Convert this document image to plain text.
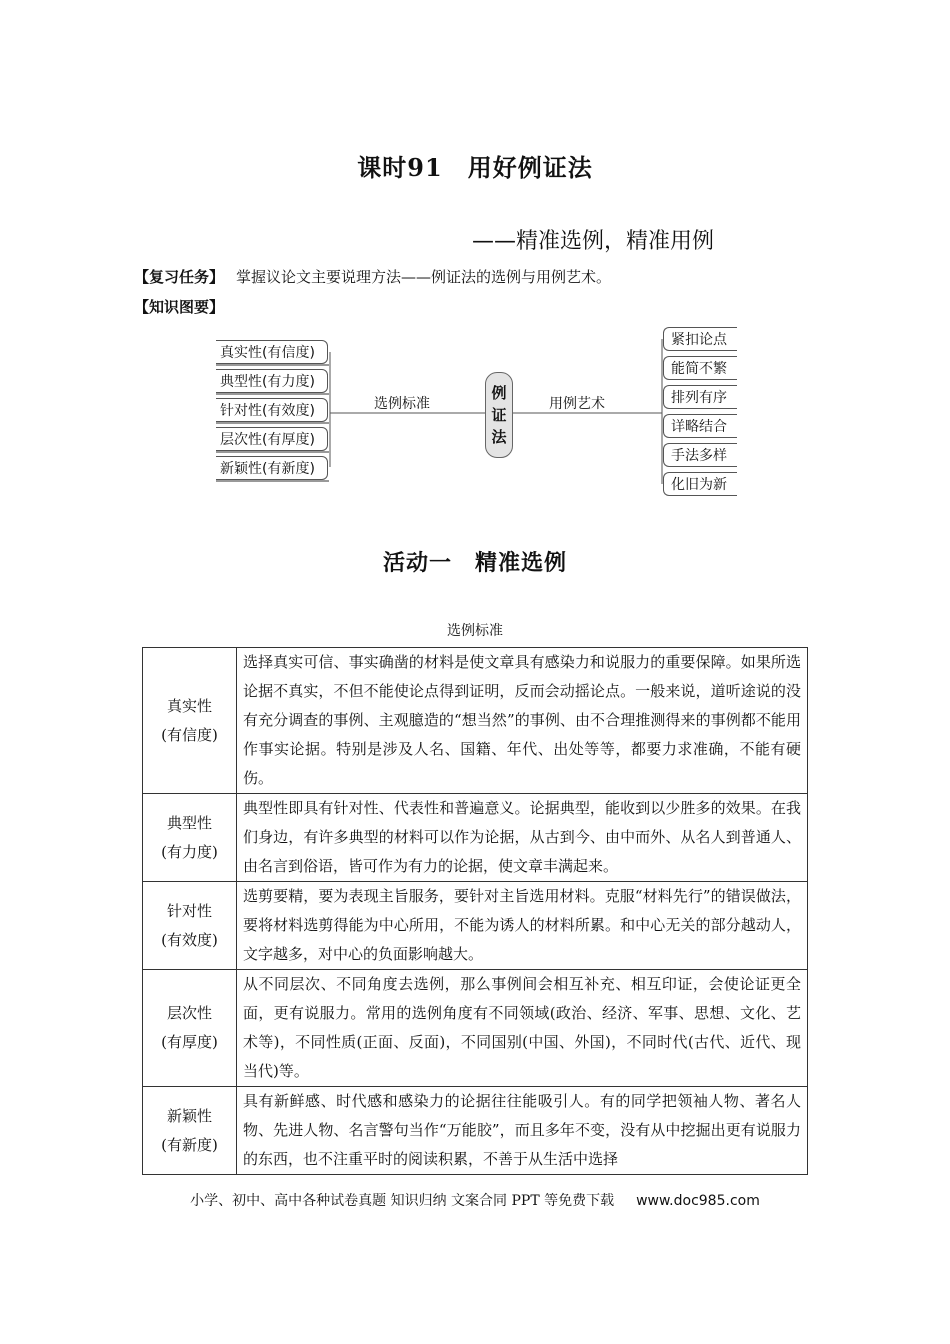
课时91　用好例证法
——精准选例，精准用例
【复习任务】 掌握议论文主要说理方法——例证法的选例与用例艺术。
【知识图要】
真实性(有信度)
典型性(有力度)
针对性(有效度)
层次性(有厚度)
新颖性(有新度)
选例标准
例
证
法
用例艺术
紧扣论点
能简不繁
排列有序
详略结合
手法多样
化旧为新
活动一　精准选例
选例标准
真实性
(有信度)	选择真实可信、事实确凿的材料是使文章具有感染力和说服力的重要保障。如果所选论据不真实，不但不能使论点得到证明，反而会动摇论点。一般来说，道听途说的没有充分调查的事例、主观臆造的“想当然”的事例、由不合理推测得来的事例都不能用作事实论据。特别是涉及人名、国籍、年代、出处等等，都要力求准确，不能有硬伤。
典型性
(有力度)	典型性即具有针对性、代表性和普遍意义。论据典型，能收到以少胜多的效果。在我们身边，有许多典型的材料可以作为论据，从古到今、由中而外、从名人到普通人、由名言到俗语，皆可作为有力的论据，使文章丰满起来。
针对性
(有效度)	选剪要精，要为表现主旨服务，要针对主旨选用材料。克服“材料先行”的错误做法，要将材料选剪得能为中心所用，不能为诱人的材料所累。和中心无关的部分越动人，文字越多，对中心的负面影响越大。
层次性
(有厚度)	从不同层次、不同角度去选例，那么事例间会相互补充、相互印证，会使论证更全面，更有说服力。常用的选例角度有不同领域(政治、经济、军事、思想、文化、艺术等)，不同性质(正面、反面)，不同国别(中国、外国)，不同时代(古代、近代、现当代)等。
新颖性
(有新度)	具有新鲜感、时代感和感染力的论据往往能吸引人。有的同学把领袖人物、著名人物、先进人物、名言警句当作“万能胶”，而且多年不变，没有从中挖掘出更有说服力的东西，也不注重平时的阅读积累，不善于从生活中选择
小学、初中、高中各种试卷真题 知识归纳 文案合同 PPT 等免费下载 www.doc985.com
